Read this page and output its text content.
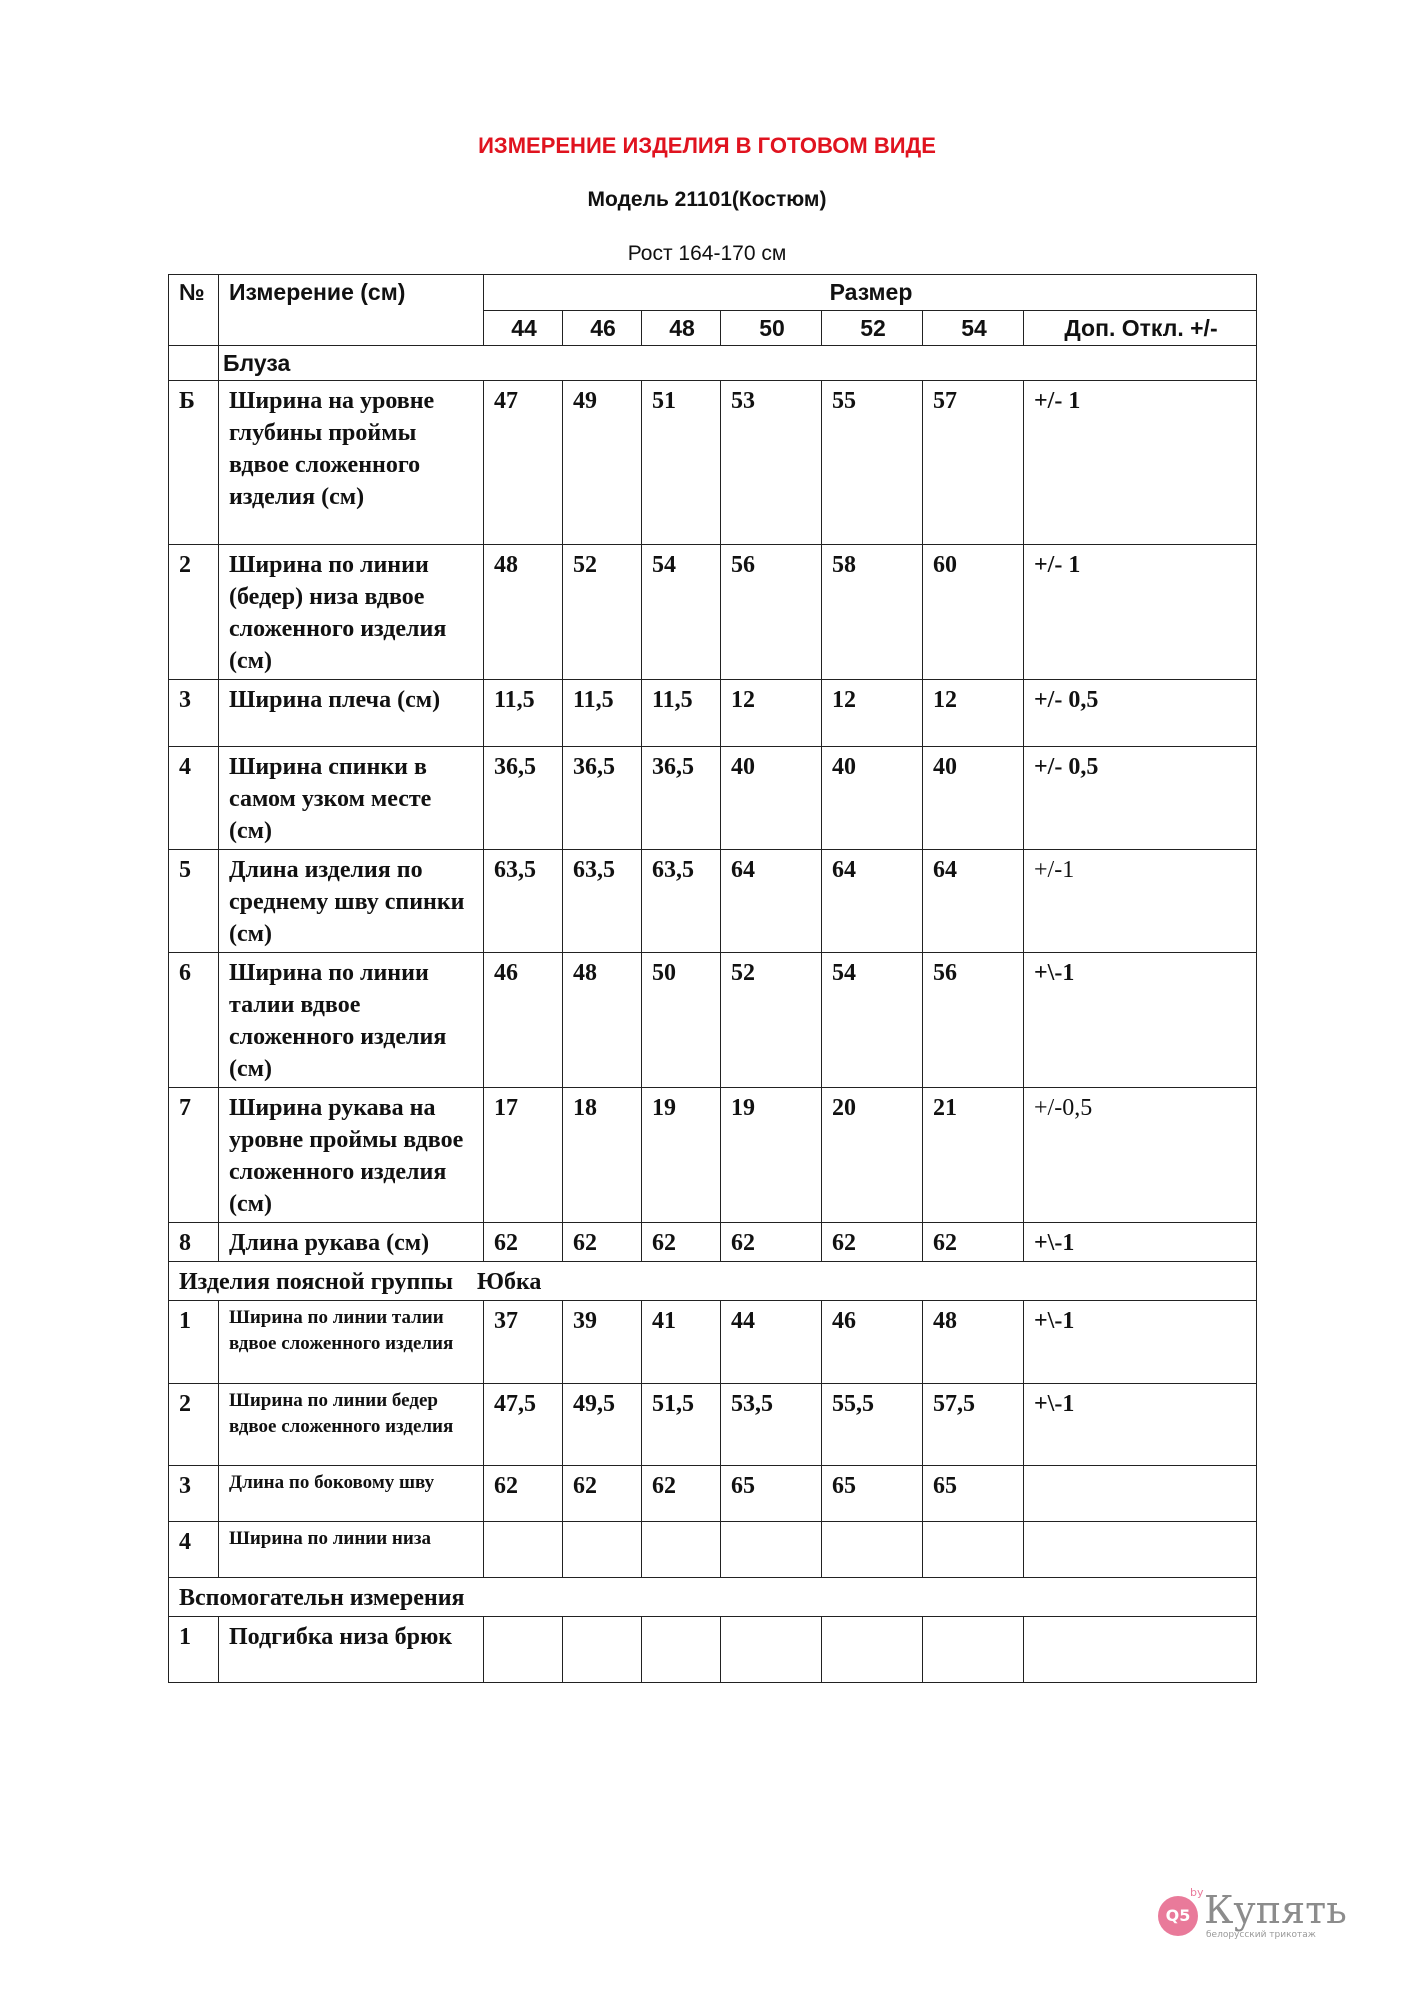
ИЗМЕРЕНИЕ ИЗДЕЛИЯ В ГОТОВОМ ВИДЕ
Модель 21101(Костюм)
Рост 164-170 см
№	Измерение (см)	Размер						
		44	46	48	50	52	54	Доп. Откл. +/-
	Блуза							
Б	Ширина на уровне глубины проймы вдвое сложенного изделия (см)	47	49	51	53	55	57	+/- 1
2	Ширина по линии (бедер) низа вдвое сложенного изделия (см)	48	52	54	56	58	60	+/- 1
3	Ширина плеча (см)	11,5	11,5	11,5	12	12	12	+/- 0,5
4	Ширина спинки в самом узком месте (см)	36,5	36,5	36,5	40	40	40	+/- 0,5
5	Длина изделия по среднему шву спинки (см)	63,5	63,5	63,5	64	64	64	+/-1
6	Ширина по линии талии вдвое сложенного изделия (см)	46	48	50	52	54	56	+\-1
7	Ширина рукава на уровне проймы вдвое сложенного изделия (см)	17	18	19	19	20	21	+/-0,5
8	Длина рукава (см)	62	62	62	62	62	62	+\-1
Изделия поясной группы    Юбка								
1	Ширина по линии талии вдвое сложенного изделия	37	39	41	44	46	48	+\-1
2	Ширина по линии бедер вдвое сложенного изделия	47,5	49,5	51,5	53,5	55,5	57,5	+\-1
3	Длина по боковому шву	62	62	62	65	65	65	
4	Ширина по линии низа							
Вспомогательн измерения								
1	Подгибка низа брюк							
Q5
by Купять
белорусский трикотаж
